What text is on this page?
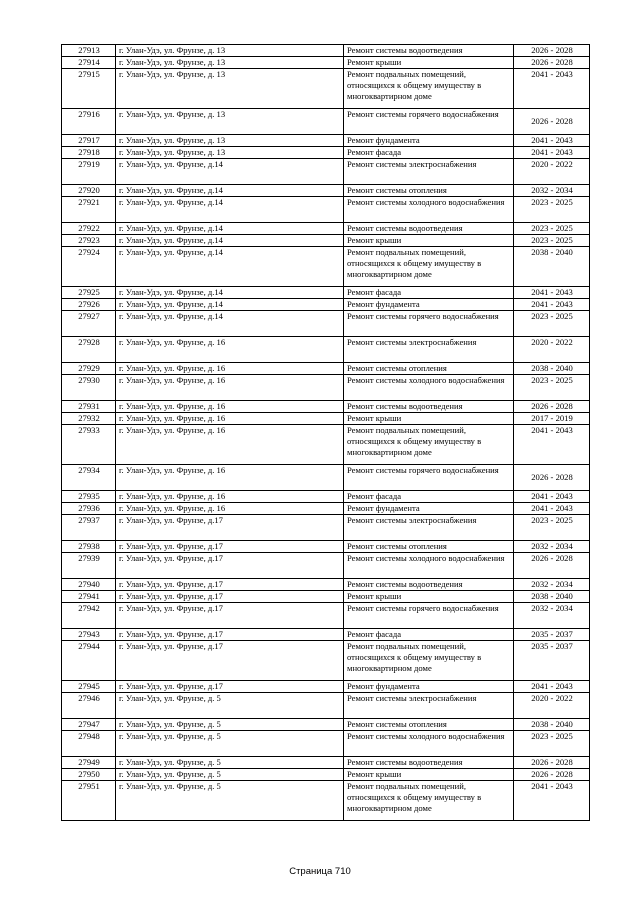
27913	г. Улан-Удэ, ул. Фрунзе, д. 13	Ремонт системы водоотведения	2026 - 2028
27914	г. Улан-Удэ, ул. Фрунзе, д. 13	Ремонт крыши	2026 - 2028
27915	г. Улан-Удэ, ул. Фрунзе, д. 13	Ремонт подвальных помещений, относящихся к общему имуществу в многоквартирном доме	2041 - 2043
27916	г. Улан-Удэ, ул. Фрунзе, д. 13	Ремонт системы горячего водоснабжения	2026 - 2028
27917	г. Улан-Удэ, ул. Фрунзе, д. 13	Ремонт фундамента	2041 - 2043
27918	г. Улан-Удэ, ул. Фрунзе, д. 13	Ремонт фасада	2041 - 2043
27919	г. Улан-Удэ, ул. Фрунзе, д.14	Ремонт системы электроснабжения	2020 - 2022
27920	г. Улан-Удэ, ул. Фрунзе, д.14	Ремонт системы отопления	2032 - 2034
27921	г. Улан-Удэ, ул. Фрунзе, д.14	Ремонт системы холодного водоснабжения	2023 - 2025
27922	г. Улан-Удэ, ул. Фрунзе, д.14	Ремонт системы водоотведения	2023 - 2025
27923	г. Улан-Удэ, ул. Фрунзе, д.14	Ремонт крыши	2023 - 2025
27924	г. Улан-Удэ, ул. Фрунзе, д.14	Ремонт подвальных помещений, относящихся к общему имуществу в многоквартирном доме	2038 - 2040
27925	г. Улан-Удэ, ул. Фрунзе, д.14	Ремонт фасада	2041 - 2043
27926	г. Улан-Удэ, ул. Фрунзе, д.14	Ремонт фундамента	2041 - 2043
27927	г. Улан-Удэ, ул. Фрунзе, д.14	Ремонт системы горячего водоснабжения	2023 - 2025
27928	г. Улан-Удэ, ул. Фрунзе, д. 16	Ремонт системы электроснабжения	2020 - 2022
27929	г. Улан-Удэ, ул. Фрунзе, д. 16	Ремонт системы отопления	2038 - 2040
27930	г. Улан-Удэ, ул. Фрунзе, д. 16	Ремонт системы холодного водоснабжения	2023 - 2025
27931	г. Улан-Удэ, ул. Фрунзе, д. 16	Ремонт системы водоотведения	2026 - 2028
27932	г. Улан-Удэ, ул. Фрунзе, д. 16	Ремонт крыши	2017 - 2019
27933	г. Улан-Удэ, ул. Фрунзе, д. 16	Ремонт подвальных помещений, относящихся к общему имуществу в многоквартирном доме	2041 - 2043
27934	г. Улан-Удэ, ул. Фрунзе, д. 16	Ремонт системы горячего водоснабжения	2026 - 2028
27935	г. Улан-Удэ, ул. Фрунзе, д. 16	Ремонт фасада	2041 - 2043
27936	г. Улан-Удэ, ул. Фрунзе, д. 16	Ремонт фундамента	2041 - 2043
27937	г. Улан-Удэ, ул. Фрунзе, д.17	Ремонт системы электроснабжения	2023 - 2025
27938	г. Улан-Удэ, ул. Фрунзе, д.17	Ремонт системы отопления	2032 - 2034
27939	г. Улан-Удэ, ул. Фрунзе, д.17	Ремонт системы холодного водоснабжения	2026 - 2028
27940	г. Улан-Удэ, ул. Фрунзе, д.17	Ремонт системы водоотведения	2032 - 2034
27941	г. Улан-Удэ, ул. Фрунзе, д.17	Ремонт крыши	2038 - 2040
27942	г. Улан-Удэ, ул. Фрунзе, д.17	Ремонт системы горячего водоснабжения	2032 - 2034
27943	г. Улан-Удэ, ул. Фрунзе, д.17	Ремонт фасада	2035 - 2037
27944	г. Улан-Удэ, ул. Фрунзе, д.17	Ремонт подвальных помещений, относящихся к общему имуществу в многоквартирном доме	2035 - 2037
27945	г. Улан-Удэ, ул. Фрунзе, д.17	Ремонт фундамента	2041 - 2043
27946	г. Улан-Удэ, ул. Фрунзе, д. 5	Ремонт системы электроснабжения	2020 - 2022
27947	г. Улан-Удэ, ул. Фрунзе, д. 5	Ремонт системы отопления	2038 - 2040
27948	г. Улан-Удэ, ул. Фрунзе, д. 5	Ремонт системы холодного водоснабжения	2023 - 2025
27949	г. Улан-Удэ, ул. Фрунзе, д. 5	Ремонт системы водоотведения	2026 - 2028
27950	г. Улан-Удэ, ул. Фрунзе, д. 5	Ремонт крыши	2026 - 2028
27951	г. Улан-Удэ, ул. Фрунзе, д. 5	Ремонт подвальных помещений, относящихся к общему имуществу в многоквартирном доме	2041 - 2043
Страница 710
